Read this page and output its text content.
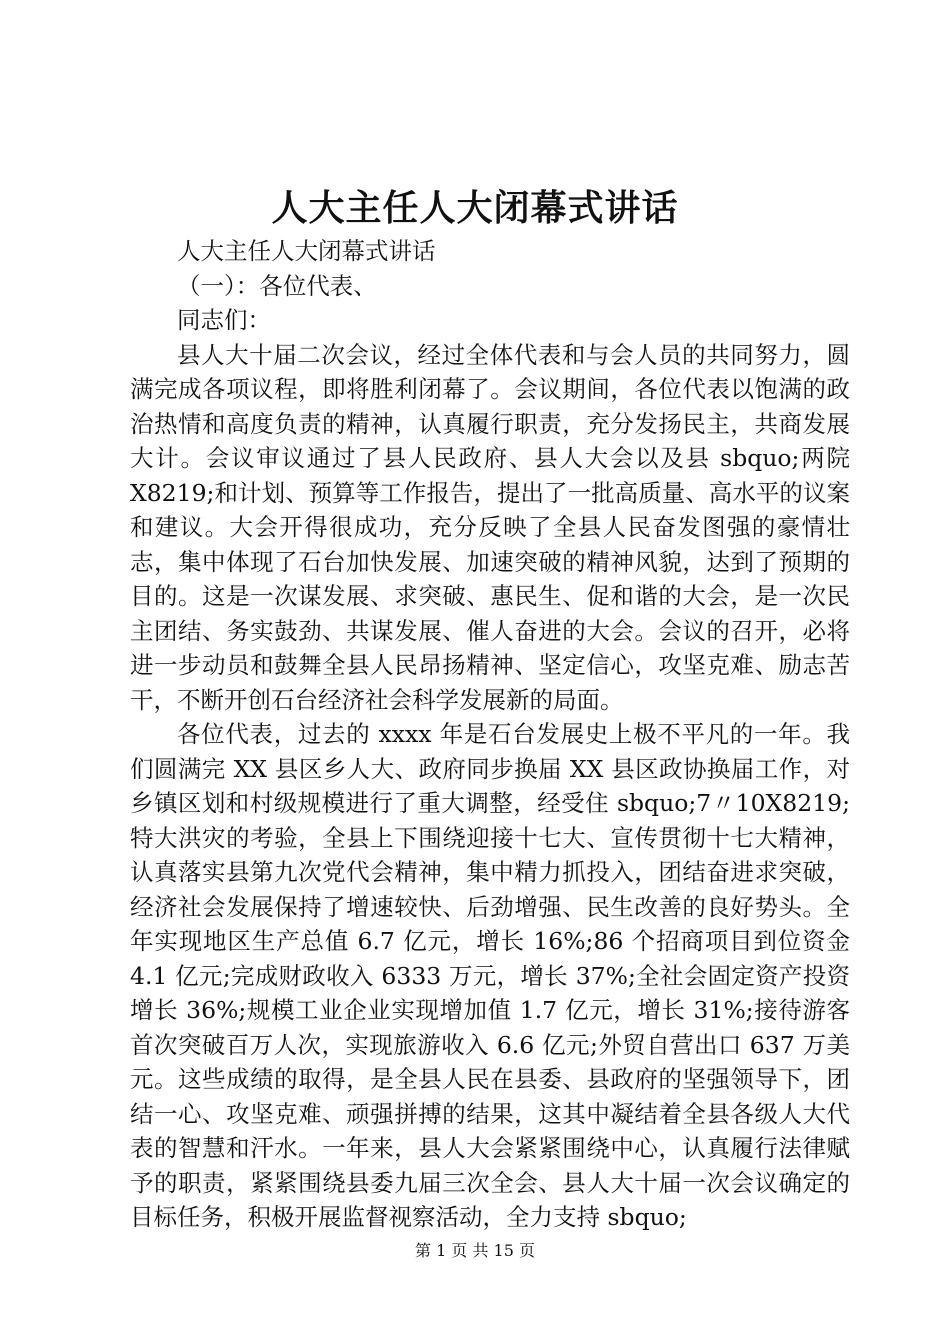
人大主任人大闭幕式讲话

人大主任人大闭幕式讲话

（一）：各位代表、

同志们：

县人大十届二次会议，经过全体代表和与会人员的共同努力，圆满完成各项议程，即将胜利闭幕了。会议期间，各位代表以饱满的政治热情和高度负责的精神，认真履行职责，充分发扬民主，共商发展大计。会议审议通过了县人民政府、县人大会以及县 sbquo;两院 X8219;和计划、预算等工作报告，提出了一批高质量、高水平的议案和建议。大会开得很成功，充分反映了全县人民奋发图强的豪情壮志，集中体现了石台加快发展、加速突破的精神风貌，达到了预期的目的。这是一次谋发展、求突破、惠民生、促和谐的大会，是一次民主团结、务实鼓劲、共谋发展、催人奋进的大会。会议的召开，必将进一步动员和鼓舞全县人民昂扬精神、坚定信心，攻坚克难、励志苦干，不断开创石台经济社会科学发展新的局面。

各位代表，过去的 xxxx 年是石台发展史上极不平凡的一年。我们圆满完 XX 县区乡人大、政府同步换届 XX 县区政协换届工作，对乡镇区划和村级规模进行了重大调整，经受住 sbquo;7〃10X8219;特大洪灾的考验，全县上下围绕迎接十七大、宣传贯彻十七大精神，认真落实县第九次党代会精神，集中精力抓投入，团结奋进求突破，经济社会发展保持了增速较快、后劲增强、民生改善的良好势头。全年实现地区生产总值 6.7 亿元，增长 16%;86 个招商项目到位资金 4.1 亿元;完成财政收入 6333 万元，增长 37%;全社会固定资产投资增长 36%;规模工业企业实现增加值 1.7 亿元，增长 31%;接待游客首次突破百万人次，实现旅游收入 6.6 亿元;外贸自营出口 637 万美元。这些成绩的取得，是全县人民在县委、县政府的坚强领导下，团结一心、攻坚克难、顽强拼搏的结果，这其中凝结着全县各级人大代表的智慧和汗水。一年来，县人大会紧紧围绕中心，认真履行法律赋予的职责，紧紧围绕县委九届三次全会、县人大十届一次会议确定的目标任务，积极开展监督视察活动，全力支持 sbquo;

第 1 页 共 15 页
